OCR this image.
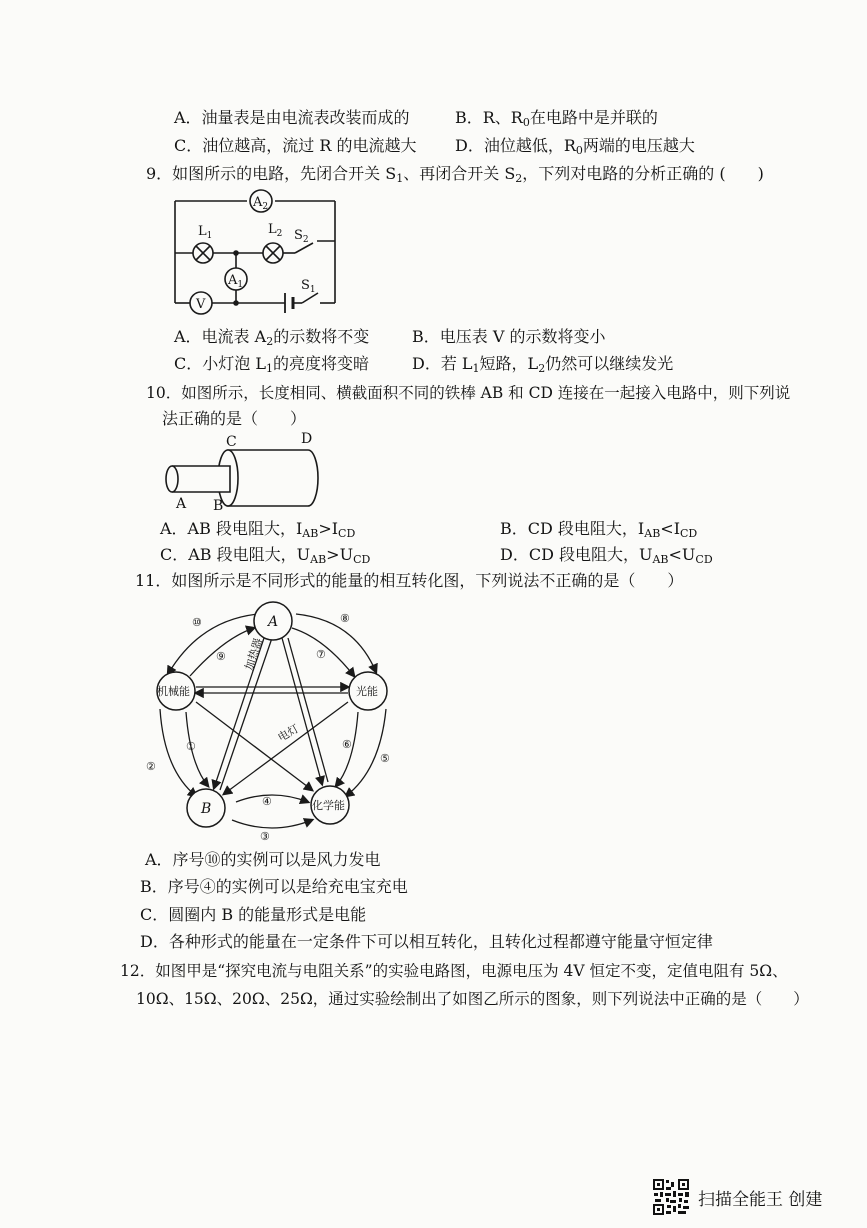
A．油量表是由电流表改装而成的	B．R、$R_0$在电路中是并联的
C．油位越高，流过 R 的电流越大 D．油位越低，$R_0$两端的电压越大
9．如图所示的电路，先闭合开关 $S_1$、再闭合开关 $S_2$，下列对电路的分析正确的 (　　)
$A_2$
$A_1$
V
$L_1$	$L_2$ $S_2$
$S_1$
A．电流表 $A_2$的示数将不变	B．电压表 V 的示数将变小
C．小灯泡 $L_1$的亮度将变暗	D．若 $L_1$短路，$L_2$仍然可以继续发光
10．如图所示，长度相同、横截面积不同的铁棒 AB 和 CD 连接在一起接入电路中，则下列说
法正确的是（　　）
A B
C	D
A．AB 段电阻大，$I_{AB}>I_{CD}$	B．CD 段电阻大，$I_{AB}<I_{CD}$
C．AB 段电阻大，$U_{AB}>U_{CD}$	D．CD 段电阻大，$U_{AB}<U_{CD}$
11．如图所示是不同形式的能量的相互转化图，下列说法不正确的是（　　）
A
机械能	光能
B	化学能
⑩	⑧
⑨	⑦
①
②
⑥
⑤
④
③
加热器
电灯
A．序号⑩的实例可以是风力发电
B．序号④的实例可以是给充电宝充电
C．圆圈内 B 的能量形式是电能
D．各种形式的能量在一定条件下可以相互转化，且转化过程都遵守能量守恒定律
12．如图甲是“探究电流与电阻关系”的实验电路图，电源电压为 4V 恒定不变，定值电阻有 5Ω、
10Ω、15Ω、20Ω、25Ω，通过实验绘制出了如图乙所示的图象，则下列说法中正确的是（　　）
扫描全能王 创建
